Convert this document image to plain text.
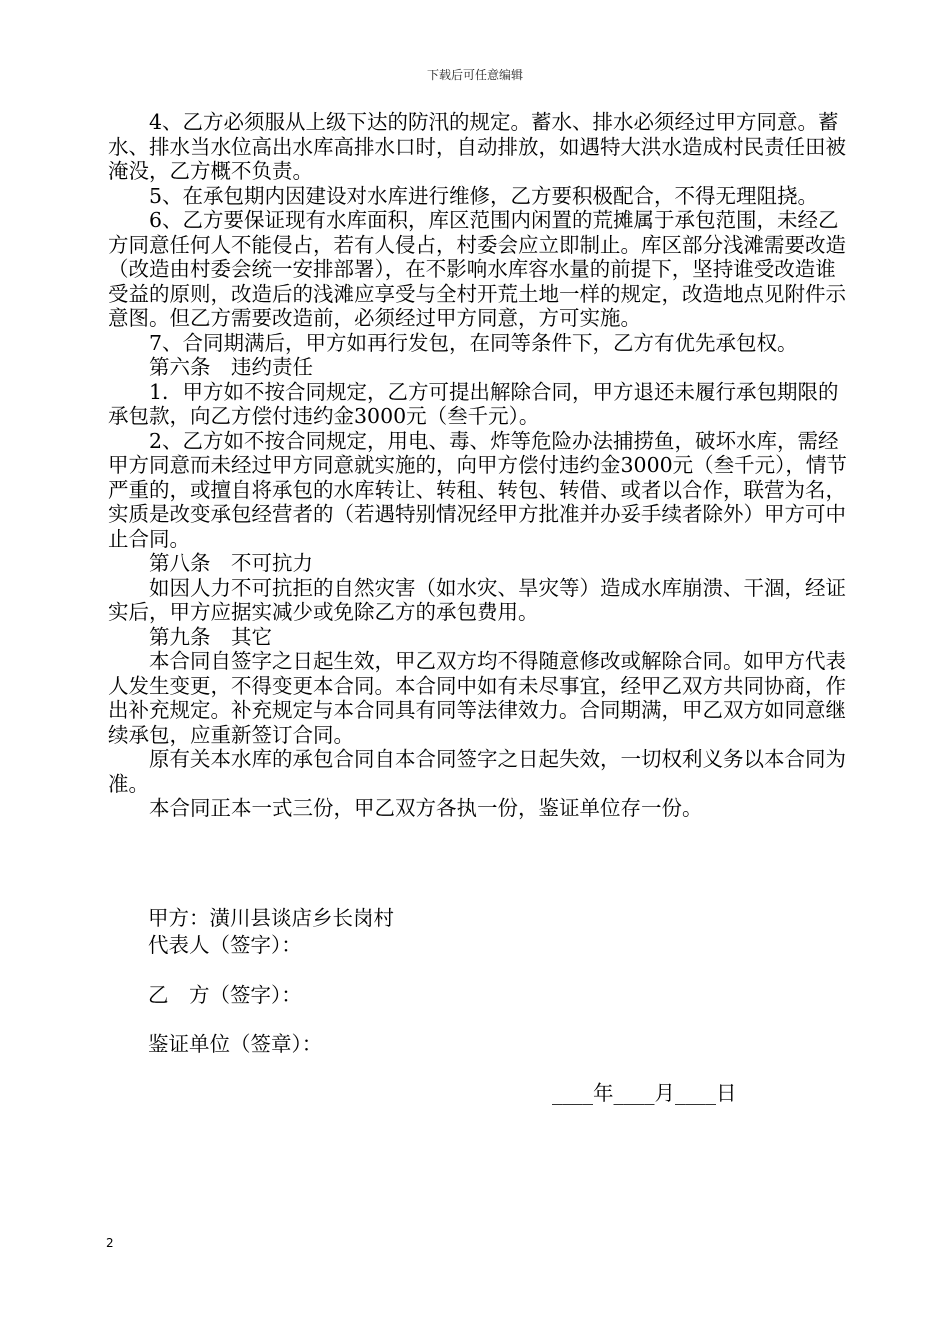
下载后可任意编辑

4、乙方必须服从上级下达的防汛的规定。蓄水、排水必须经过甲方同意。蓄水、排水当水位高出水库高排水口时，自动排放，如遇特大洪水造成村民责任田被淹没，乙方概不负责。

5、在承包期内因建设对水库进行维修，乙方要积极配合，不得无理阻挠。

6、乙方要保证现有水库面积，库区范围内闲置的荒摊属于承包范围，未经乙方同意任何人不能侵占，若有人侵占，村委会应立即制止。库区部分浅滩需要改造（改造由村委会统一安排部署），在不影响水库容水量的前提下，坚持谁受改造谁受益的原则，改造后的浅滩应享受与全村开荒土地一样的规定，改造地点见附件示意图。但乙方需要改造前，必须经过甲方同意，方可实施。

7、合同期满后，甲方如再行发包，在同等条件下，乙方有优先承包权。

第六条　违约责任

1．甲方如不按合同规定，乙方可提出解除合同，甲方退还未履行承包期限的承包款，向乙方偿付违约金3000元（叁千元）。

2、乙方如不按合同规定，用电、毒、炸等危险办法捕捞鱼，破坏水库，需经甲方同意而未经过甲方同意就实施的，向甲方偿付违约金3000元（叁千元），情节严重的，或擅自将承包的水库转让、转租、转包、转借、或者以合作，联营为名，实质是改变承包经营者的（若遇特别情况经甲方批准并办妥手续者除外）甲方可中止合同。

第八条　不可抗力

如因人力不可抗拒的自然灾害（如水灾、旱灾等）造成水库崩溃、干涸，经证实后，甲方应据实减少或免除乙方的承包费用。

第九条　其它

本合同自签字之日起生效，甲乙双方均不得随意修改或解除合同。如甲方代表人发生变更，不得变更本合同。本合同中如有未尽事宜，经甲乙双方共同协商，作出补充规定。补充规定与本合同具有同等法律效力。合同期满，甲乙双方如同意继续承包，应重新签订合同。

原有关本水库的承包合同自本合同签字之日起失效，一切权利义务以本合同为准。

本合同正本一式三份，甲乙双方各执一份，鉴证单位存一份。

甲方：潢川县谈店乡长岗村
代表人（签字）：
乙　方（签字）：
鉴证单位（签章）：
____年____月____日
2
